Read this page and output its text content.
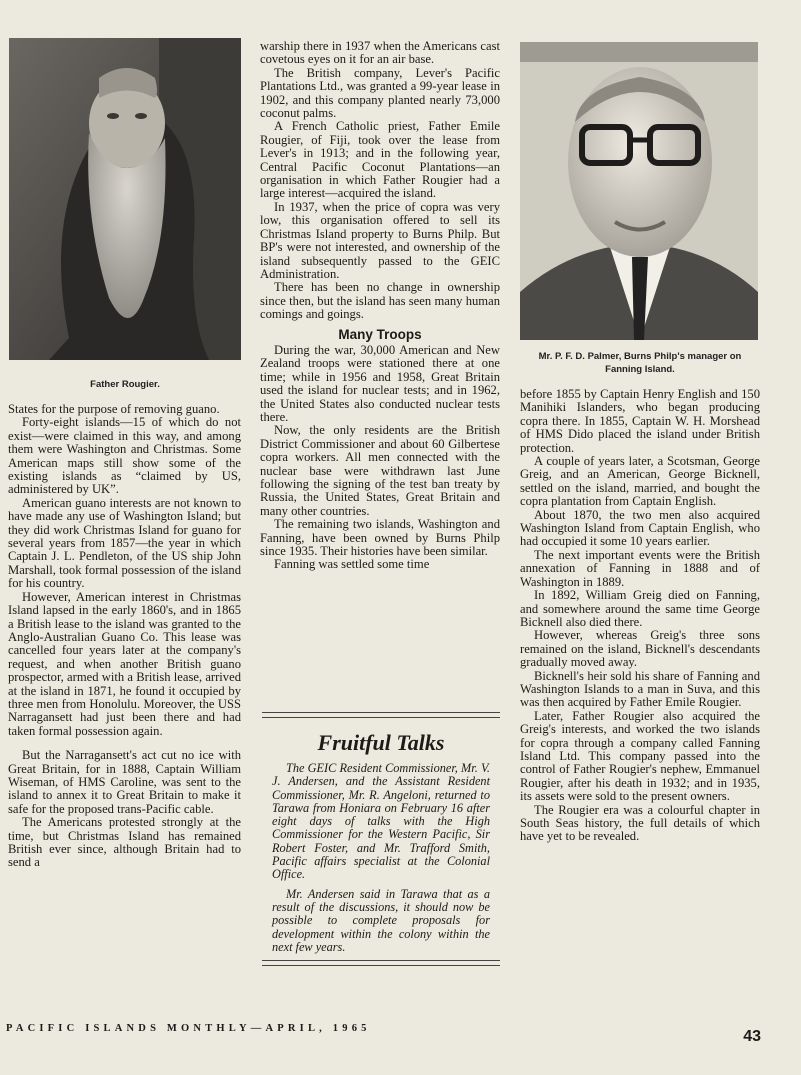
Father Rougier.
Mr. P. F. D. Palmer, Burns Philp's manager on Fanning Island.

States for the purpose of removing guano.

Forty-eight islands—15 of which do not exist—were claimed in this way, and among them were Washington and Christmas. Some American maps still show some of the existing islands as “claimed by US, administered by UK”.

American guano interests are not known to have made any use of Washington Island; but they did work Christmas Island for guano for several years from 1857—the year in which Captain J. L. Pendleton, of the US ship John Marshall, took formal possession of the island for his country.

However, American interest in Christmas Island lapsed in the early 1860's, and in 1865 a British lease to the island was granted to the Anglo-Australian Guano Co. This lease was cancelled four years later at the company's request, and when another British guano prospector, armed with a British lease, arrived at the island in 1871, he found it occupied by three men from Honolulu. Moreover, the USS Narragansett had just been there and had taken formal possession again.

But the Narragansett's act cut no ice with Great Britain, for in 1888, Captain William Wiseman, of HMS Caroline, was sent to the island to annex it to Great Britain to make it safe for the proposed trans-Pacific cable.

The Americans protested strongly at the time, but Christmas Island has remained British ever since, although Britain had to send a

warship there in 1937 when the Americans cast covetous eyes on it for an air base.

The British company, Lever's Pacific Plantations Ltd., was granted a 99-year lease in 1902, and this company planted nearly 73,000 coconut palms.

A French Catholic priest, Father Emile Rougier, of Fiji, took over the lease from Lever's in 1913; and in the following year, Central Pacific Coconut Plantations—an organisation in which Father Rougier had a large interest—acquired the island.

In 1937, when the price of copra was very low, this organisation offered to sell its Christmas Island property to Burns Philp. But BP's were not interested, and ownership of the island subsequently passed to the GEIC Administration.

There has been no change in ownership since then, but the island has seen many human comings and goings.

Many Troops

During the war, 30,000 American and New Zealand troops were stationed there at one time; while in 1956 and 1958, Great Britain used the island for nuclear tests; and in 1962, the United States also conducted nuclear tests there.

Now, the only residents are the British District Commissioner and about 60 Gilbertese copra workers. All men connected with the nuclear base were withdrawn last June following the signing of the test ban treaty by Russia, the United States, Great Britain and many other countries.

The remaining two islands, Washington and Fanning, have been owned by Burns Philp since 1935. Their histories have been similar.

Fanning was settled some time

Fruitful Talks

The GEIC Resident Commissioner, Mr. V. J. Andersen, and the Assistant Resident Commissioner, Mr. R. Angeloni, returned to Tarawa from Honiara on February 16 after eight days of talks with the High Commissioner for the Western Pacific, Sir Robert Foster, and Mr. Trafford Smith, Pacific affairs specialist at the Colonial Office.

Mr. Andersen said in Tarawa that as a result of the discussions, it should now be possible to complete proposals for development within the colony within the next few years.

before 1855 by Captain Henry English and 150 Manihiki Islanders, who began producing copra there. In 1855, Captain W. H. Morshead of HMS Dido placed the island under British protection.

A couple of years later, a Scotsman, George Greig, and an American, George Bicknell, settled on the island, married, and bought the copra plantation from Captain English.

About 1870, the two men also acquired Washington Island from Captain English, who had occupied it some 10 years earlier.

The next important events were the British annexation of Fanning in 1888 and of Washington in 1889.

In 1892, William Greig died on Fanning, and somewhere around the same time George Bicknell also died there.

However, whereas Greig's three sons remained on the island, Bicknell's descendants gradually moved away.

Bicknell's heir sold his share of Fanning and Washington Islands to a man in Suva, and this was then acquired by Father Emile Rougier.

Later, Father Rougier also acquired the Greig's interests, and worked the two islands for copra through a company called Fanning Island Ltd. This company passed into the control of Father Rougier's nephew, Emmanuel Rougier, after his death in 1932; and in 1935, its assets were sold to the present owners.

The Rougier era was a colourful chapter in South Seas history, the full details of which have yet to be revealed.

PACIFIC ISLANDS MONTHLY—APRIL, 1965	43
